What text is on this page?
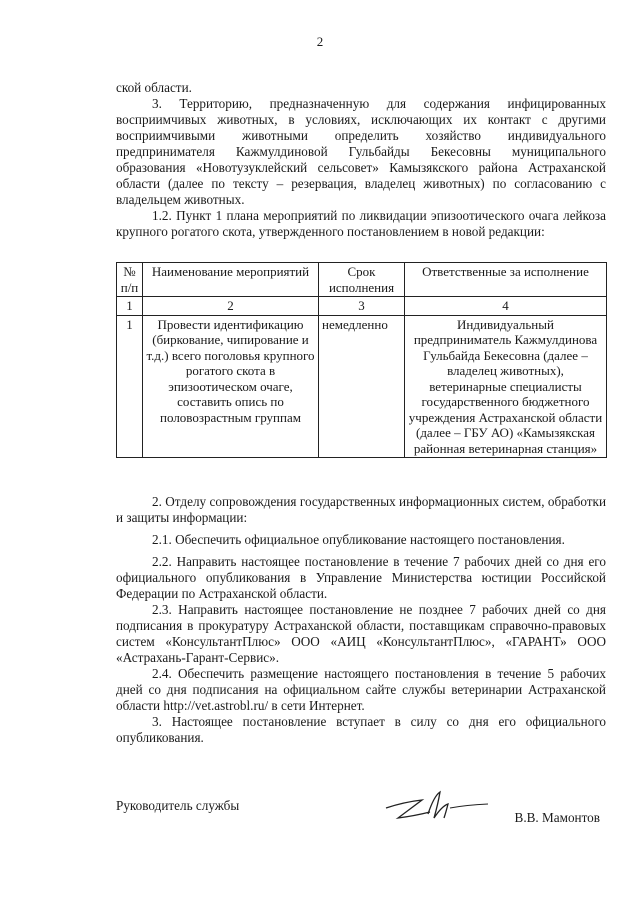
2

ской области.

3. Территорию, предназначенную для содержания инфицированных восприимчивых животных, в условиях, исключающих их контакт с другими восприимчивыми животными определить хозяйство индивидуального предпринимателя Кажмулдиновой Гульбайды Бекесовны муниципального образования «Новотузуклейский сельсовет» Камызякского района Астраханской области (далее по тексту – резервация, владелец животных) по согласованию с владельцем животных.

1.2. Пункт 1 плана мероприятий по ликвидации эпизоотического очага лейкоза крупного рогатого скота, утвержденного постановлением в новой редакции:

№ п/п	Наименование мероприятий	Срок исполнения	Ответственные за исполнение
1	2	3	4
1	Провести идентификацию (биркование, чипирование и т.д.) всего поголовья крупного рогатого скота в эпизоотическом очаге, составить опись по половозрастным группам	немедленно	Индивидуальный предприниматель Кажмулдинова Гульбайда Бекесовна (далее – владелец животных), ветеринарные специалисты государственного бюджетного учреждения Астраханской области (далее – ГБУ АО) «Камызякская районная ветеринарная станция»

2. Отделу сопровождения государственных информационных систем, обработки и защиты информации:

2.1. Обеспечить официальное опубликование настоящего постановления.

2.2. Направить настоящее постановление в течение 7 рабочих дней со дня его официального опубликования в Управление Министерства юстиции Российской Федерации по Астраханской области.

2.3. Направить настоящее постановление не позднее 7 рабочих дней со дня подписания в прокуратуру Астраханской области, поставщикам справочно-правовых систем «КонсультантПлюс» ООО «АИЦ «КонсультантПлюс», «ГАРАНТ» ООО «Астрахань-Гарант-Сервис».

2.4. Обеспечить размещение настоящего постановления в течение 5 рабочих дней со дня подписания на официальном сайте службы ветеринарии Астраханской области http://vet.astrobl.ru/ в сети Интернет.

3. Настоящее постановление вступает в силу со дня его официального опубликования.

Руководитель службы
В.В. Мамонтов
